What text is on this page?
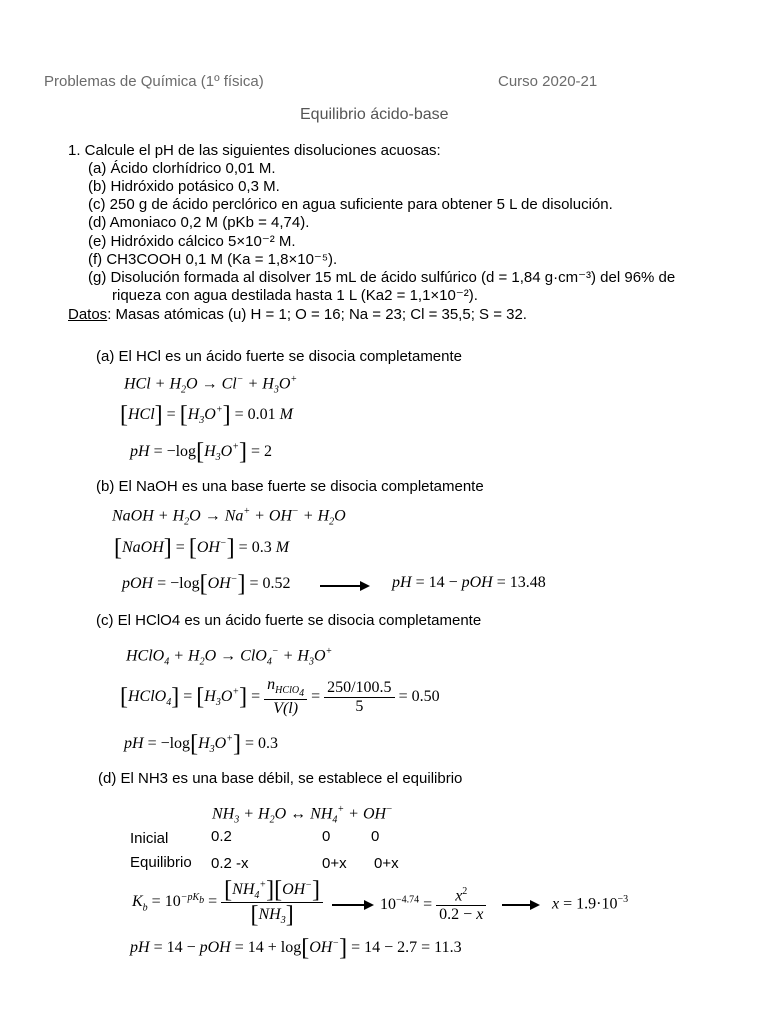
Problemas de Química (1º física)	Curso 2020-21
Equilibrio ácido-base
1. Calcule el pH de las siguientes disoluciones acuosas:
(a) Ácido clorhídrico 0,01 M.
(b) Hidróxido potásico 0,3 M.
(c) 250 g de ácido perclórico en agua suficiente para obtener 5 L de disolución.
(d) Amoniaco 0,2 M (pKb = 4,74).
(e) Hidróxido cálcico 5×10⁻² M.
(f) CH3COOH 0,1 M (Ka = 1,8×10⁻⁵).
(g) Disolución formada al disolver 15 mL de ácido sulfúrico (d = 1,84 g·cm⁻³) del 96% de
riqueza con agua destilada hasta 1 L (Ka2 = 1,1×10⁻²).
Datos: Masas atómicas (u) H = 1; O = 16; Na = 23; Cl = 35,5; S = 32.
(a) El HCl es un ácido fuerte se disocia completamente
HCl + $H_2O \to Cl^- + H_3O^+$
$[HCl] = [H_3O^+] = 0.01$ M
pH = $-\log[H_3O^+] = 2$
(b) El NaOH es una base fuerte se disocia completamente
NaOH + $H_2O \to Na^+ + OH^- + H_2O$
[NaOH] = [OH−] = 0.3 M
pOH = −log[OH−] = 0.52	pH = 14 − pOH = 13.48
(c) El HClO4 es un ácido fuerte se disocia completamente
HClO$_4$ + $H_2O \to ClO_4^- + H_3O^+$
[HClO$_4$] = $[H_3O^+] = \frac{n_{HClO_4}}{V(l)} = \frac{250/100.5}{5} = 0.50$
pH = $-\log[H_3O^+] = 0.3$
(d) El NH3 es una base débil, se establece el equilibrio
$NH_3 + H_2O$ ↔ $NH_4^+ + OH^-$
Inicial	0.2	0	0
Equilibrio 0.2 -x	0+x 0+x
$K_b = 10^{-pK_b} = \frac{[NH_4^+][OH^-]}{[NH_3]}$	$10^{-4.74} = \frac{x^2}{0.2 - x}$	$x = 1.9\cdot 10^{-3}$
pH = 14 − pOH = 14 + log[OH−] = 14 − 2.7 = 11.3
